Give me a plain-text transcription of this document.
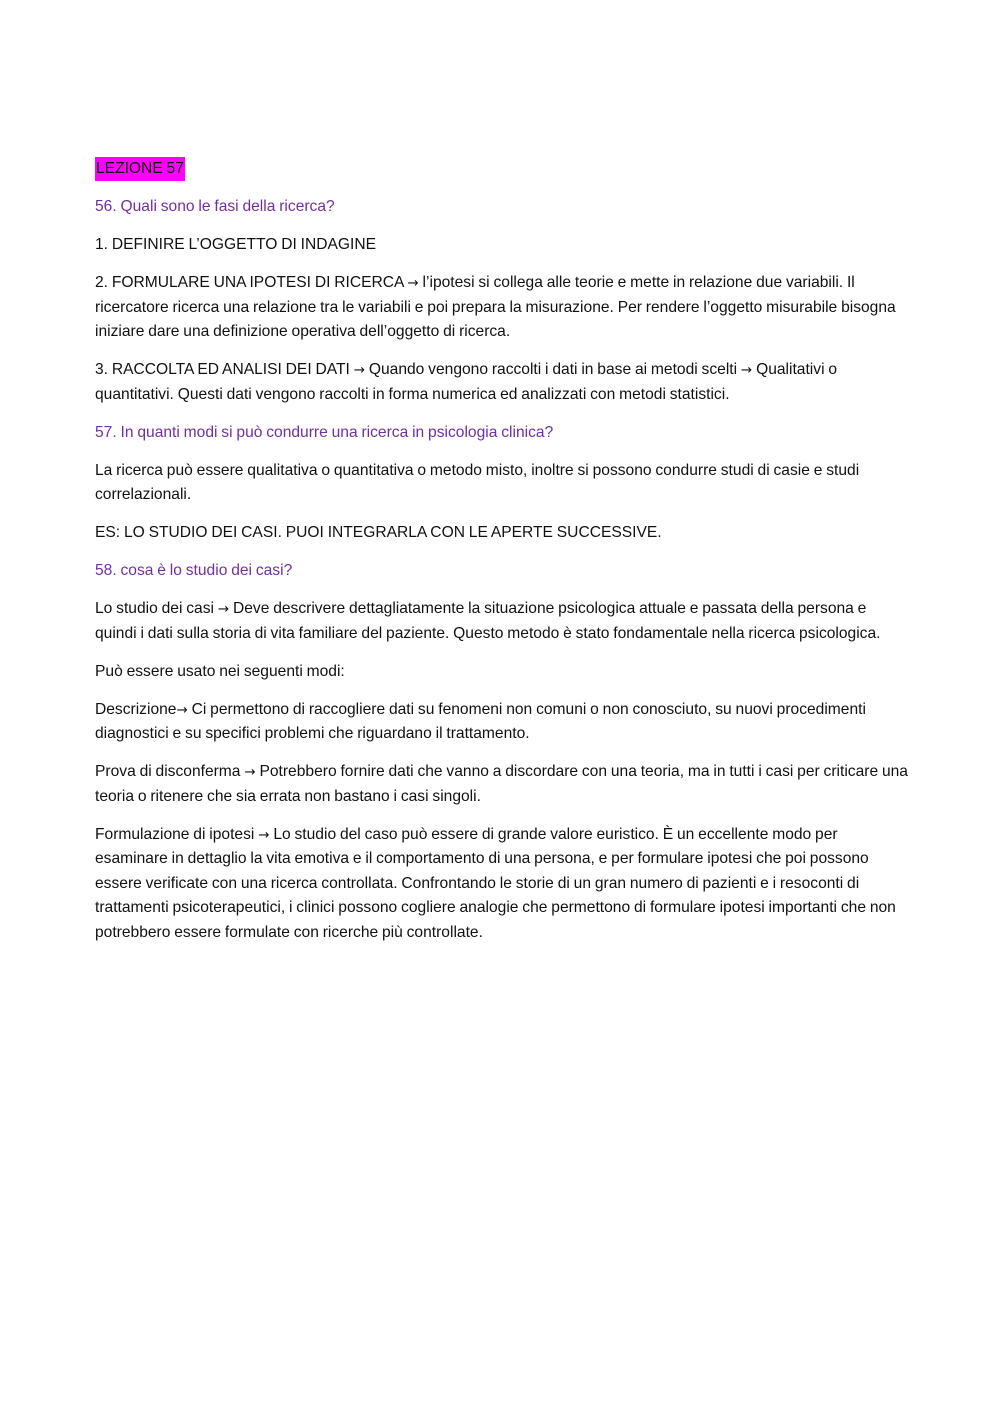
LEZIONE 57

56. Quali sono le fasi della ricerca?

1. DEFINIRE L’OGGETTO DI INDAGINE

2. FORMULARE UNA IPOTESI DI RICERCA → l’ipotesi si collega alle teorie e mette in relazione due variabili. Il ricercatore ricerca una relazione tra le variabili e poi prepara la misurazione. Per rendere l’oggetto misurabile bisogna iniziare dare una definizione operativa dell’oggetto di ricerca.

3. RACCOLTA ED ANALISI DEI DATI → Quando vengono raccolti i dati in base ai metodi scelti → Qualitativi o quantitativi. Questi dati vengono raccolti in forma numerica ed analizzati con metodi statistici.

57. In quanti modi si può condurre una ricerca in psicologia clinica?

La ricerca può essere qualitativa o quantitativa o metodo misto, inoltre si possono condurre studi di casie e studi correlazionali.

ES: LO STUDIO DEI CASI. PUOI INTEGRARLA CON LE APERTE SUCCESSIVE.

58. cosa è lo studio dei casi?

Lo studio dei casi → Deve descrivere dettagliatamente la situazione psicologica attuale e passata della persona e quindi i dati sulla storia di vita familiare del paziente. Questo metodo è stato fondamentale nella ricerca psicologica.

Può essere usato nei seguenti modi:

Descrizione→ Ci permettono di raccogliere dati su fenomeni non comuni o non conosciuto, su nuovi procedimenti diagnostici e su specifici problemi che riguardano il trattamento.

Prova di disconferma → Potrebbero fornire dati che vanno a discordare con una teoria, ma in tutti i casi per criticare una teoria o ritenere che sia errata non bastano i casi singoli.

Formulazione di ipotesi → Lo studio del caso può essere di grande valore euristico. È un eccellente modo per esaminare in dettaglio la vita emotiva e il comportamento di una persona, e per formulare ipotesi che poi possono essere verificate con una ricerca controllata. Confrontando le storie di un gran numero di pazienti e i resoconti di trattamenti psicoterapeutici, i clinici possono cogliere analogie che permettono di formulare ipotesi importanti che non potrebbero essere formulate con ricerche più controllate.
